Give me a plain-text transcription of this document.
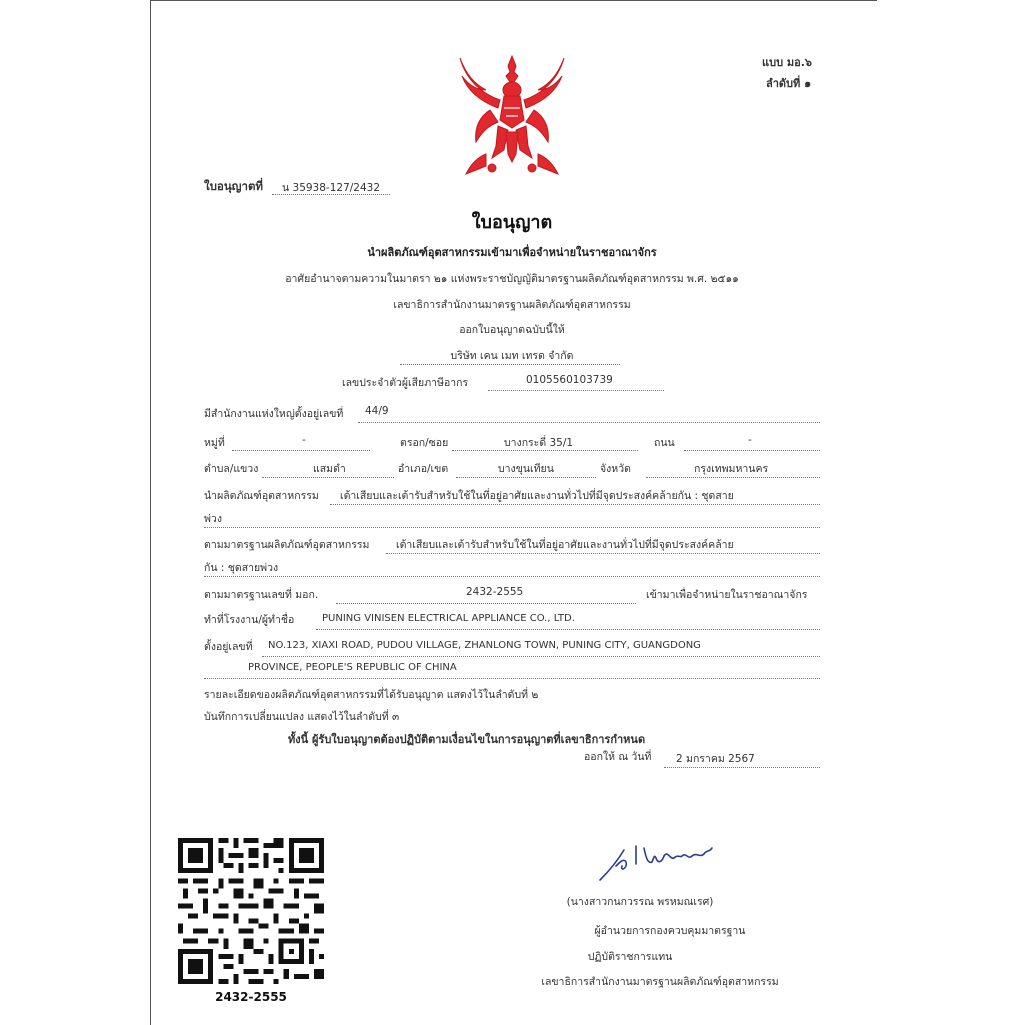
แบบ มอ.๖
ลำดับที่ ๑
ใบอนุญาตที่ น 35938-127/2432
ใบอนุญาต
นำผลิตภัณฑ์อุตสาหกรรมเข้ามาเพื่อจำหน่ายในราชอาณาจักร
อาศัยอำนาจตามความในมาตรา ๒๑ แห่งพระราชบัญญัติมาตรฐานผลิตภัณฑ์อุตสาหกรรม พ.ศ. ๒๕๑๑
เลขาธิการสำนักงานมาตรฐานผลิตภัณฑ์อุตสาหกรรม
ออกใบอนุญาตฉบับนี้ให้
บริษัท เคน เมท เทรด จำกัด
เลขประจำตัวผู้เสียภาษีอากร	0105560103739
มีสำนักงานแห่งใหญ่ตั้งอยู่เลขที่ 44/9
หมู่ที่	-	ตรอก/ซอย	บางกระดี่ 35/1	ถนน	-
ตำบล/แขวง	แสมดำ	อำเภอ/เขต	บางขุนเทียน	จังหวัด	กรุงเทพมหานคร
นำผลิตภัณฑ์อุตสาหกรรม เต้าเสียบและเต้ารับสำหรับใช้ในที่อยู่อาศัยและงานทั่วไปที่มีจุดประสงค์คล้ายกัน : ชุดสาย
พ่วง
ตามมาตรฐานผลิตภัณฑ์อุตสาหกรรม	เต้าเสียบและเต้ารับสำหรับใช้ในที่อยู่อาศัยและงานทั่วไปที่มีจุดประสงค์คล้าย
กัน : ชุดสายพ่วง
ตามมาตรฐานเลขที่ มอก.	2432-2555	เข้ามาเพื่อจำหน่ายในราชอาณาจักร
ทำที่โรงงาน/ผู้ทำชื่อ	PUNING VINISEN ELECTRICAL APPLIANCE CO., LTD.
ตั้งอยู่เลขที่ NO.123, XIAXI ROAD, PUDOU VILLAGE, ZHANLONG TOWN, PUNING CITY, GUANGDONG
PROVINCE, PEOPLE'S REPUBLIC OF CHINA
รายละเอียดของผลิตภัณฑ์อุตสาหกรรมที่ได้รับอนุญาต แสดงไว้ในลำดับที่ ๒
บันทึกการเปลี่ยนแปลง แสดงไว้ในลำดับที่ ๓
ทั้งนี้ ผู้รับใบอนุญาตต้องปฏิบัติตามเงื่อนไขในการอนุญาตที่เลขาธิการกำหนด
ออกให้ ณ วันที่ 2 มกราคม 2567
(นางสาวกนกวรรณ พรหมณเรศ)
ผู้อำนวยการกองควบคุมมาตรฐาน
ปฏิบัติราชการแทน
เลขาธิการสำนักงานมาตรฐานผลิตภัณฑ์อุตสาหกรรม
2432-2555
